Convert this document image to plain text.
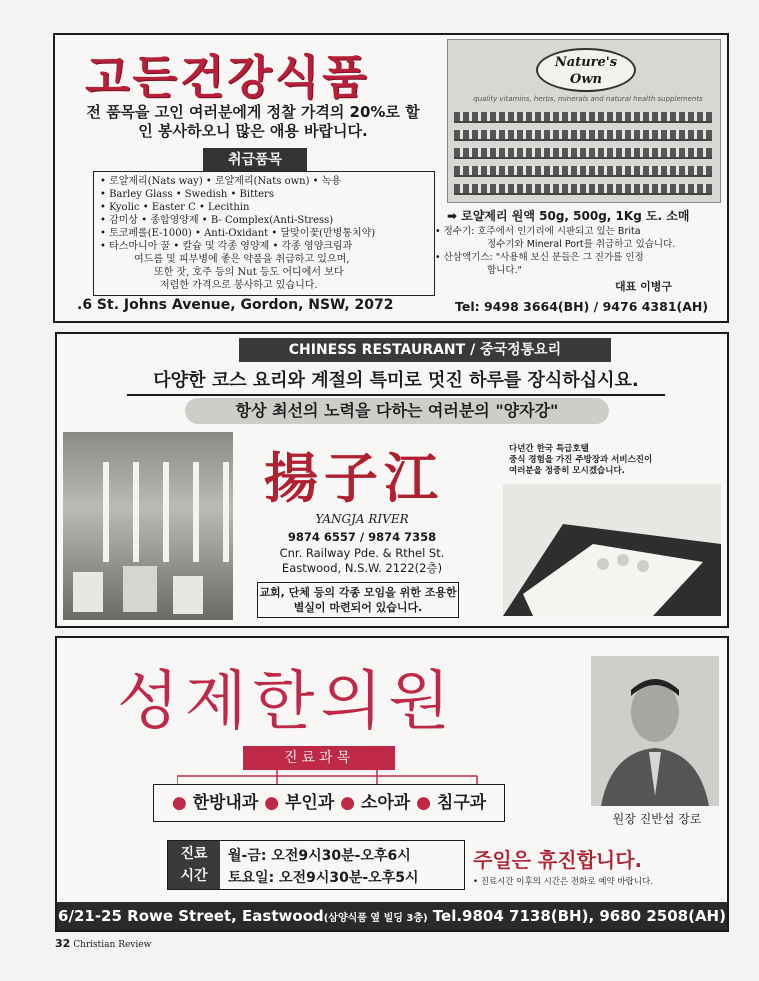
고든건강식품
전 품목을 고인 여러분에게 정찰 가격의 20%로 할인 봉사하오니 많은 애용 바랍니다.
취급품목
• 로얄제리(Nats way) • 로얄제리(Nats own) • 녹용
• Barley Glass • Swedish • Bitters
• Kyolic • Easter C • Lecithin
• 감미상 • 종합영양제 • B- Complex(Anti-Stress)
• 토코페롤(E-1000) • Anti-Oxidant • 달맞이꽃(만병통치약)
• 타스마니아 꿀 • 칼슘 및 각종 영양제 • 각종 영양크림과
여드름 및 피부병에 좋은 약품을 취급하고 있으며,
또한 잣, 호주 등의 Nut 등도 어디에서 보다
저렴한 가격으로 봉사하고 있습니다.
.6 St. Johns Avenue, Gordon, NSW, 2072
Nature's
Own
quality vitamins, herbs, minerals and natural health supplements
➡ 로얄제리 원액 50g, 500g, 1Kg 도. 소매
• 정수기: 호주에서 인기리에 시판되고 있는 Brita
정수기와 Mineral Port를 취급하고 있습니다.
• 산삼액기스: "사용해 보신 분들은 그 진가를 인정
합니다."
대표 이병구
Tel: 9498 3664(BH) / 9476 4381(AH)
CHINESS RESTAURANT / 중국정통요리
다양한 코스 요리와 계절의 특미로 멋진 하루를 장식하십시요.
항상 최선의 노력을 다하는 여러분의 "양자강"
揚子江
YANGJA RIVER
9874 6557 / 9874 7358
Cnr. Railway Pde. & Rthel St.
Eastwood, N.S.W. 2122(2층)
교회, 단체 등의 각종 모임을 위한 조용한 별실이 마련되어 있습니다.
다년간 한국 특급호텔
중식 경험을 가진 주방장과 서비스진이
여러분을 정중히 모시겠습니다.
성제한의원
진료과목
● 한방내과 ● 부인과 ● 소아과 ● 침구과
원장 진반섭 장로
진료
시간
월-금: 오전9시30분-오후6시
토요일: 오전9시30분-오후5시
주일은 휴진합니다.
• 진료시간 이후의 시간은 전화로 예약 바랍니다.
6/21-25 Rowe Street, Eastwood(삼양식품 옆 빌딩 3층) Tel.9804 7138(BH), 9680 2508(AH)
32 Christian Review
